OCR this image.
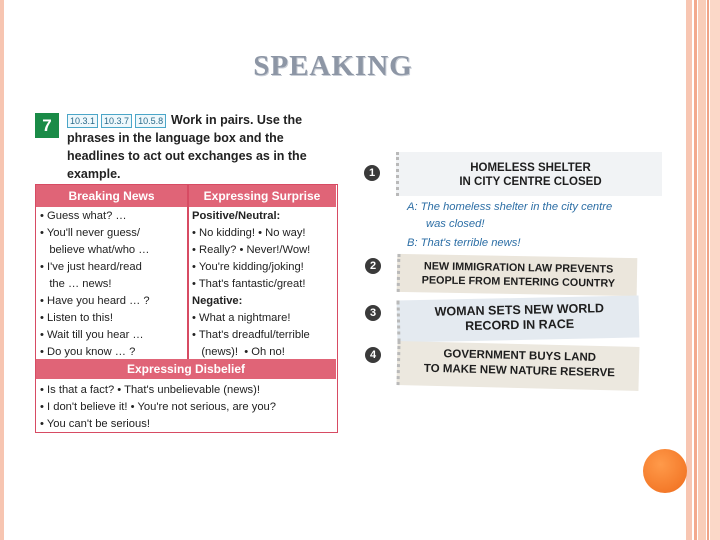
SPEAKING
7	10.3.1	10.3.7	10.5.8 Work in pairs. Use the
phrases in the language box and the
headlines to act out exchanges as in the
example.
Breaking News	Expressing Surprise
• Guess what? …
• You'll never guess/
believe what/who …
• I've just heard/read
the … news!
• Have you heard … ?
• Listen to this!
• Wait till you hear …
• Do you know … ?
Positive/Neutral:
• No kidding! • No way!
• Really? • Never!/Wow!
• You're kidding/joking!
• That's fantastic/great!
Negative:
• What a nightmare!
• That's dreadful/terrible
(news)!  • Oh no!
Expressing Disbelief
• Is that a fact? • That's unbelievable (news)!
• I don't believe it! • You're not serious, are you?
• You can't be serious!
1	HOMELESS SHELTER
IN CITY CENTRE CLOSED
A: The homeless shelter in the city centre
was closed!
B: That's terrible news!
2	NEW IMMIGRATION LAW PREVENTS
PEOPLE FROM ENTERING COUNTRY
3	WOMAN SETS NEW WORLD
RECORD IN RACE
4	GOVERNMENT BUYS LAND
TO MAKE NEW NATURE RESERVE
